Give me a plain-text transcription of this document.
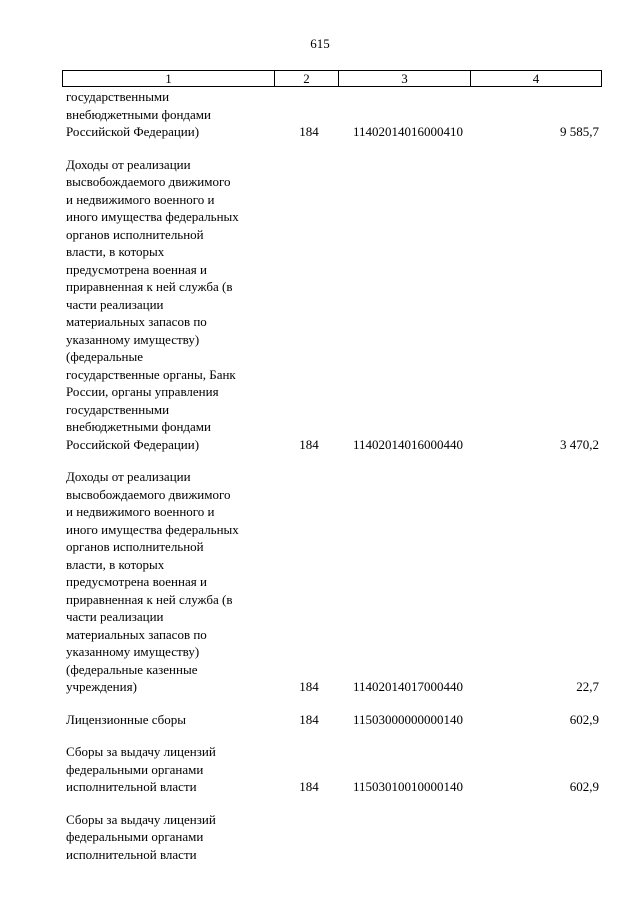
615
1	2	3	4
государственными
внебюджетными фондами
Российской Федерации)	184	11402014016000410	9 585,7
Доходы от реализации
высвобождаемого движимого
и недвижимого военного и
иного имущества федеральных
органов исполнительной
власти, в которых
предусмотрена военная и
приравненная к ней служба (в
части реализации
материальных запасов по
указанному имуществу)
(федеральные
государственные органы, Банк
России, органы управления
государственными
внебюджетными фондами
Российской Федерации)	184	11402014016000440	3 470,2
Доходы от реализации
высвобождаемого движимого
и недвижимого военного и
иного имущества федеральных
органов исполнительной
власти, в которых
предусмотрена военная и
приравненная к ней служба (в
части реализации
материальных запасов по
указанному имуществу)
(федеральные казенные
учреждения)	184	11402014017000440	22,7
Лицензионные сборы	184	11503000000000140	602,9
Сборы за выдачу лицензий
федеральными органами
исполнительной власти	184	11503010010000140	602,9
Сборы за выдачу лицензий
федеральными органами
исполнительной власти
